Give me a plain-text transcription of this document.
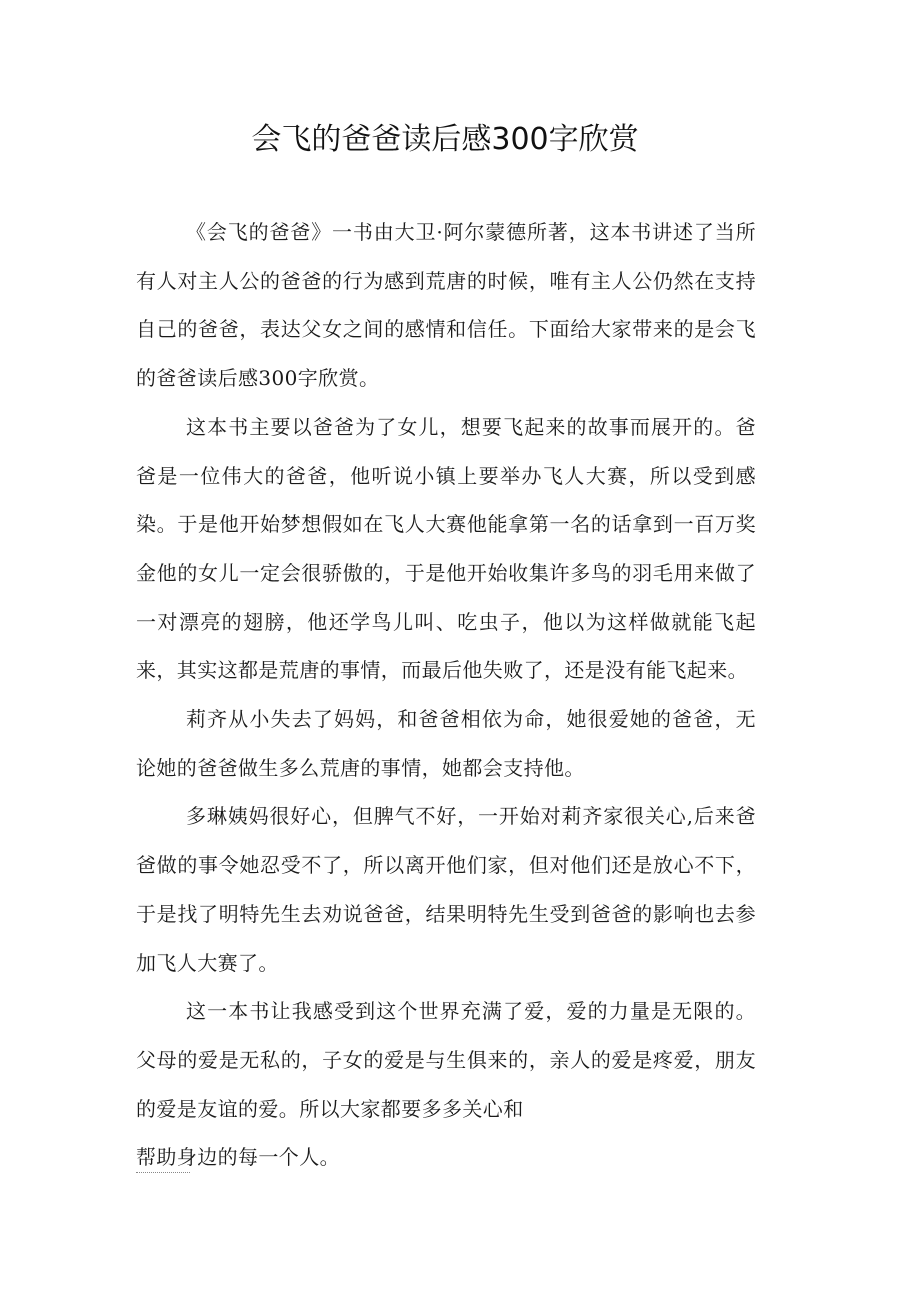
会飞的爸爸读后感300字欣赏

《会飞的爸爸》一书由大卫·阿尔蒙德所著，这本书讲述了当所有人对主人公的爸爸的行为感到荒唐的时候，唯有主人公仍然在支持自己的爸爸，表达父女之间的感情和信任。下面给大家带来的是会飞的爸爸读后感300字欣赏。

这本书主要以爸爸为了女儿，想要飞起来的故事而展开的。爸爸是一位伟大的爸爸，他听说小镇上要举办飞人大赛，所以受到感染。于是他开始梦想假如在飞人大赛他能拿第一名的话拿到一百万奖金他的女儿一定会很骄傲的，于是他开始收集许多鸟的羽毛用来做了一对漂亮的翅膀，他还学鸟儿叫、吃虫子，他以为这样做就能飞起来，其实这都是荒唐的事情，而最后他失败了，还是没有能飞起来。

莉齐从小失去了妈妈，和爸爸相依为命，她很爱她的爸爸，无论她的爸爸做生多么荒唐的事情，她都会支持他。

多琳姨妈很好心，但脾气不好，一开始对莉齐家很关心,后来爸爸做的事令她忍受不了，所以离开他们家，但对他们还是放心不下，于是找了明特先生去劝说爸爸，结果明特先生受到爸爸的影响也去参加飞人大赛了。

这一本书让我感受到这个世界充满了爱，爱的力量是无限的。父母的爱是无私的，子女的爱是与生俱来的，亲人的爱是疼爱，朋友的爱是友谊的爱。所以大家都要多多关心和

帮助身边的每一个人。
